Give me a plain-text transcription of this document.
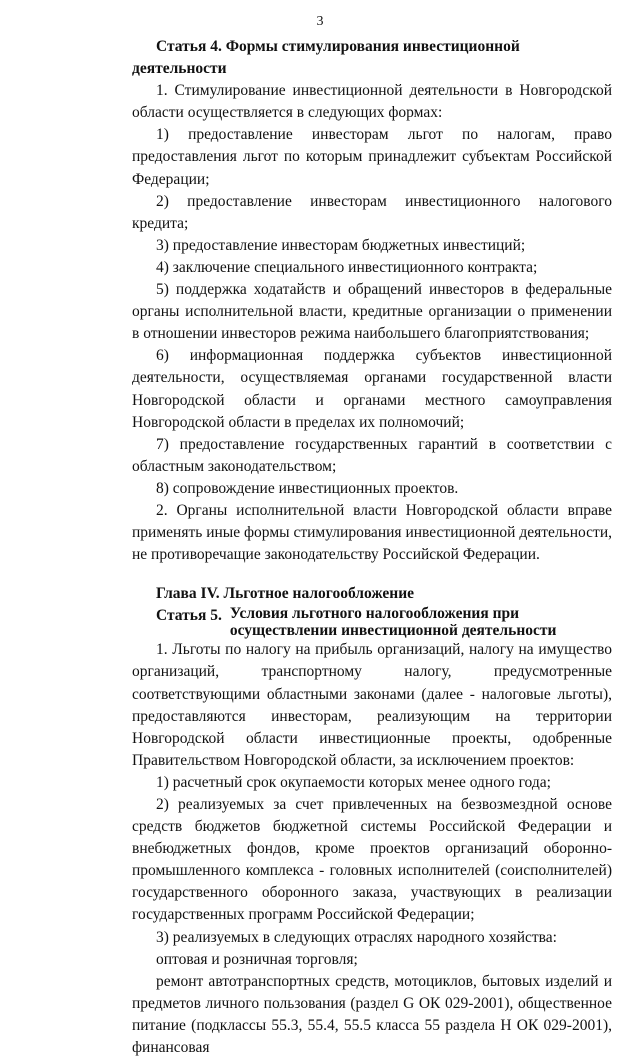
3

Статья 4. Формы стимулирования инвестиционной деятельности

1. Стимулирование инвестиционной деятельности в Новгородской области осуществляется в следующих формах:

1) предоставление инвесторам льгот по налогам, право предоставления льгот по которым принадлежит субъектам Российской Федерации;

2) предоставление инвесторам инвестиционного налогового кредита;

3) предоставление инвесторам бюджетных инвестиций;

4) заключение специального инвестиционного контракта;

5) поддержка ходатайств и обращений инвесторов в федеральные органы исполнительной власти, кредитные организации о применении в отношении инвесторов режима наибольшего благоприятствования;

6) информационная поддержка субъектов инвестиционной деятельности, осуществляемая органами государственной власти Новгородской области и органами местного самоуправления Новгородской области в пределах их полномочий;

7) предоставление государственных гарантий в соответствии с областным законодательством;

8) сопровождение инвестиционных проектов.

2. Органы исполнительной власти Новгородской области вправе применять иные формы стимулирования инвестиционной деятельности, не противоречащие законодательству Российской Федерации.

Глава IV. Льготное налогообложение

Статья 5. Условия льготного налогообложения при осуществлении инвестиционной деятельности

1. Льготы по налогу на прибыль организаций, налогу на имущество организаций, транспортному налогу, предусмотренные соответствующими областными законами (далее - налоговые льготы), предоставляются инвесторам, реализующим на территории Новгородской области инвестиционные проекты, одобренные Правительством Новгородской области, за исключением проектов:

1) расчетный срок окупаемости которых менее одного года;

2) реализуемых за счет привлеченных на безвозмездной основе средств бюджетов бюджетной системы Российской Федерации и внебюджетных фондов, кроме проектов организаций оборонно-промышленного комплекса - головных исполнителей (соисполнителей) государственного оборонного заказа, участвующих в реализации государственных программ Российской Федерации;

3) реализуемых в следующих отраслях народного хозяйства:

оптовая и розничная торговля;

ремонт автотранспортных средств, мотоциклов, бытовых изделий и предметов личного пользования (раздел G ОК 029-2001), общественное питание (подклассы 55.3, 55.4, 55.5 класса 55 раздела H ОК 029-2001), финансовая
